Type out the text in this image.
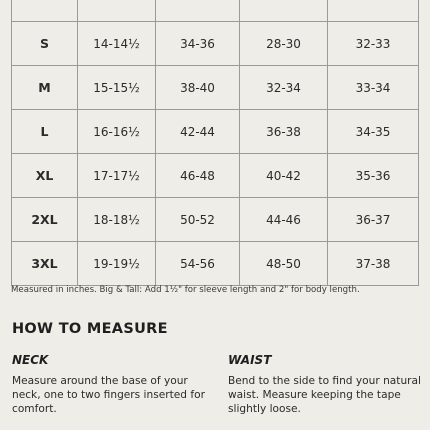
S	14-14½	34-36	28-30	32-33
M	15-15½	38-40	32-34	33-34
L	16-16½	42-44	36-38	34-35
XL	17-17½	46-48	40-42	35-36
2XL	18-18½	50-52	44-46	36-37
3XL	19-19½	54-56	48-50	37-38
Measured in inches. Big & Tall: Add 1½" for sleeve length and 2" for body length.
HOW TO MEASURE
NECK
Measure around the base of your neck, one to two fingers inserted for comfort.
WAIST
Bend to the side to find your natural waist. Measure keeping the tape slightly loose.
